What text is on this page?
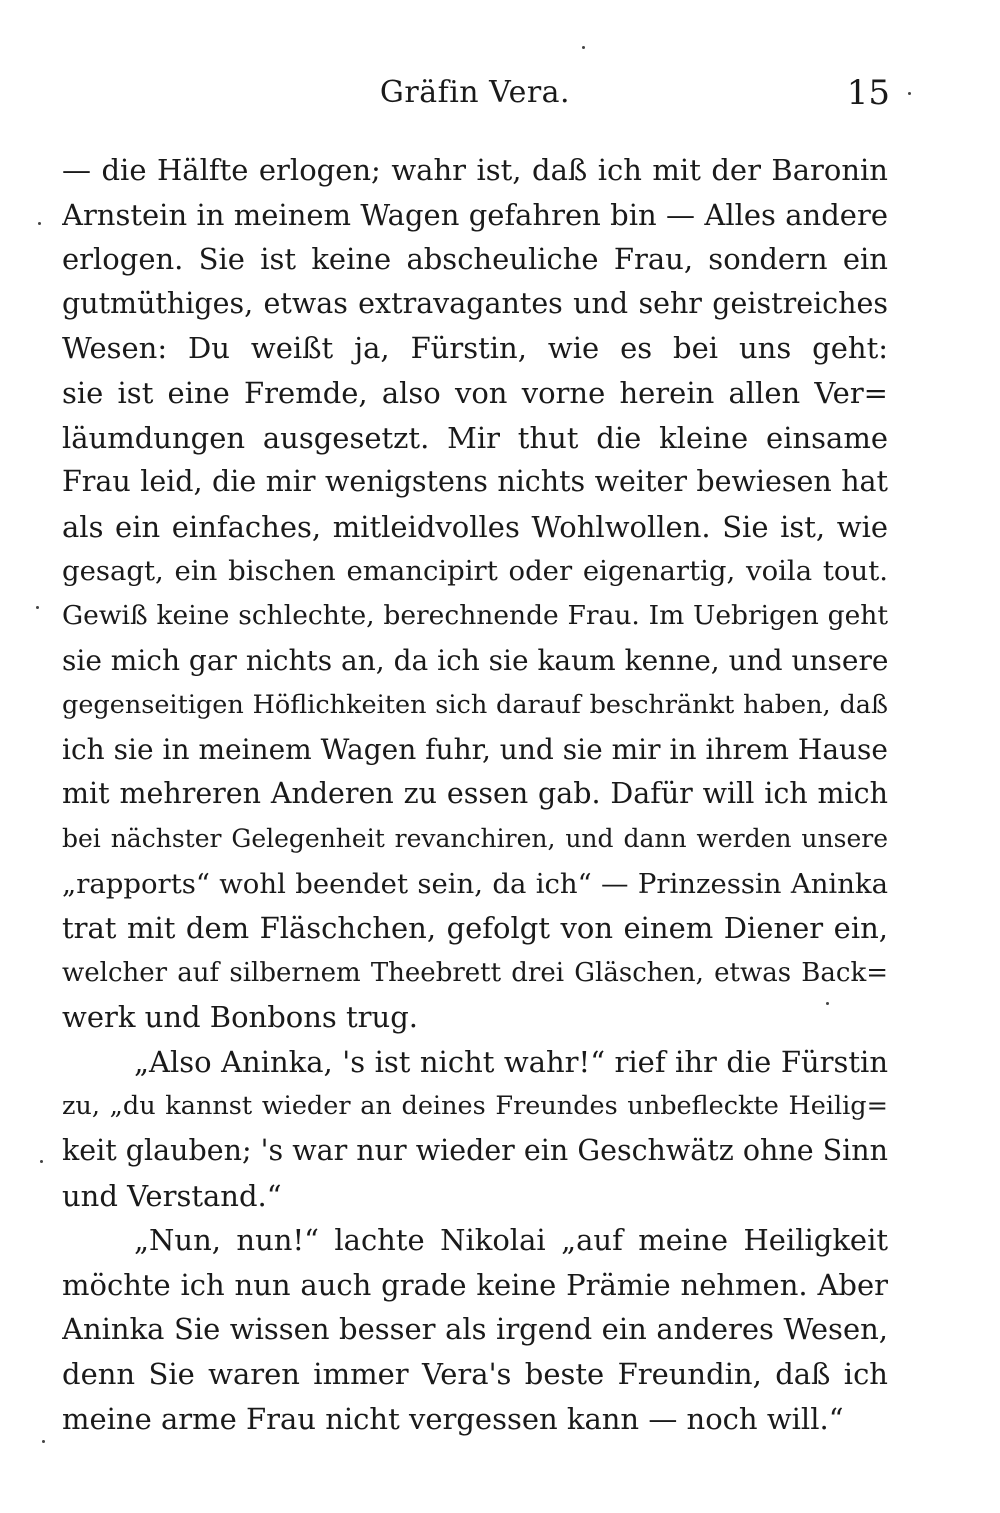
Gräfin Vera.	15
— die Hälfte erlogen; wahr ist, daß ich mit der Baronin
Arnstein in meinem Wagen gefahren bin — Alles andere
erlogen. Sie ist keine abscheuliche Frau, sondern ein
gutmüthiges, etwas extravagantes und sehr geistreiches
Wesen: Du weißt ja, Fürstin, wie es bei uns geht:
sie ist eine Fremde, also von vorne herein allen Ver=
läumdungen ausgesetzt. Mir thut die kleine einsame
Frau leid, die mir wenigstens nichts weiter bewiesen hat
als ein einfaches, mitleidvolles Wohlwollen. Sie ist, wie
gesagt, ein bischen emancipirt oder eigenartig, voila tout.
Gewiß keine schlechte, berechnende Frau. Im Uebrigen geht
sie mich gar nichts an, da ich sie kaum kenne, und unsere
gegenseitigen Höflichkeiten sich darauf beschränkt haben, daß
ich sie in meinem Wagen fuhr, und sie mir in ihrem Hause
mit mehreren Anderen zu essen gab. Dafür will ich mich
bei nächster Gelegenheit revanchiren, und dann werden unsere
„rapports“ wohl beendet sein, da ich“ — Prinzessin Aninka
trat mit dem Fläschchen, gefolgt von einem Diener ein,
welcher auf silbernem Theebrett drei Gläschen, etwas Back=
werk und Bonbons trug.
„Also Aninka, 's ist nicht wahr!“ rief ihr die Fürstin
zu, „du kannst wieder an deines Freundes unbefleckte Heilig=
keit glauben; 's war nur wieder ein Geschwätz ohne Sinn
und Verstand.“
„Nun, nun!“ lachte Nikolai „auf meine Heiligkeit
möchte ich nun auch grade keine Prämie nehmen. Aber
Aninka Sie wissen besser als irgend ein anderes Wesen,
denn Sie waren immer Vera's beste Freundin, daß ich
meine arme Frau nicht vergessen kann — noch will.“
